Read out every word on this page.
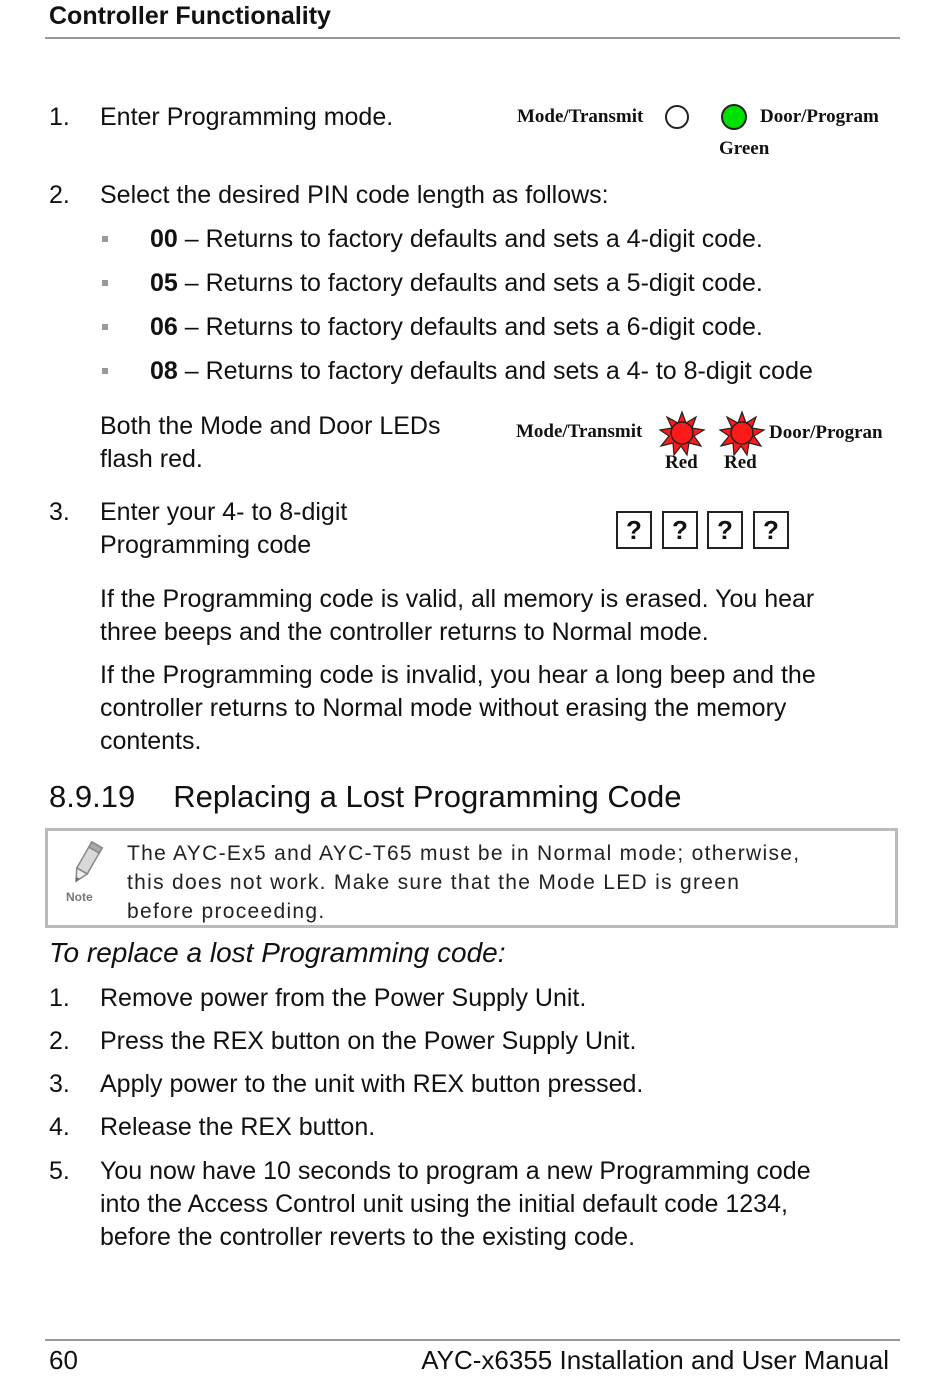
Controller Functionality
1. Enter Programming mode.	Mode/Transmit	Door/Program
Green
2. Select the desired PIN code length as follows:
00 – Returns to factory defaults and sets a 4-digit code.
05 – Returns to factory defaults and sets a 5-digit code.
06 – Returns to factory defaults and sets a 6-digit code.
08 – Returns to factory defaults and sets a 4- to 8-digit code
Both the Mode and Door LEDs
flash red.
Mode/Transmit	Door/Progran
Red Red
3. Enter your 4- to 8-digit
Programming code	?	?	?	?
If the Programming code is valid, all memory is erased. You hear
three beeps and the controller returns to Normal mode.
If the Programming code is invalid, you hear a long beep and the
controller returns to Normal mode without erasing the memory
contents.
8.9.19 Replacing a Lost Programming Code
Note
The AYC-Ex5 and AYC-T65 must be in Normal mode; otherwise,
this does not work. Make sure that the Mode LED is green
before proceeding.
To replace a lost Programming code:
1. Remove power from the Power Supply Unit.
2. Press the REX button on the Power Supply Unit.
3. Apply power to the unit with REX button pressed.
4. Release the REX button.
5. You now have 10 seconds to program a new Programming code
into the Access Control unit using the initial default code 1234,
before the controller reverts to the existing code.
60	AYC-x6355 Installation and User Manual
